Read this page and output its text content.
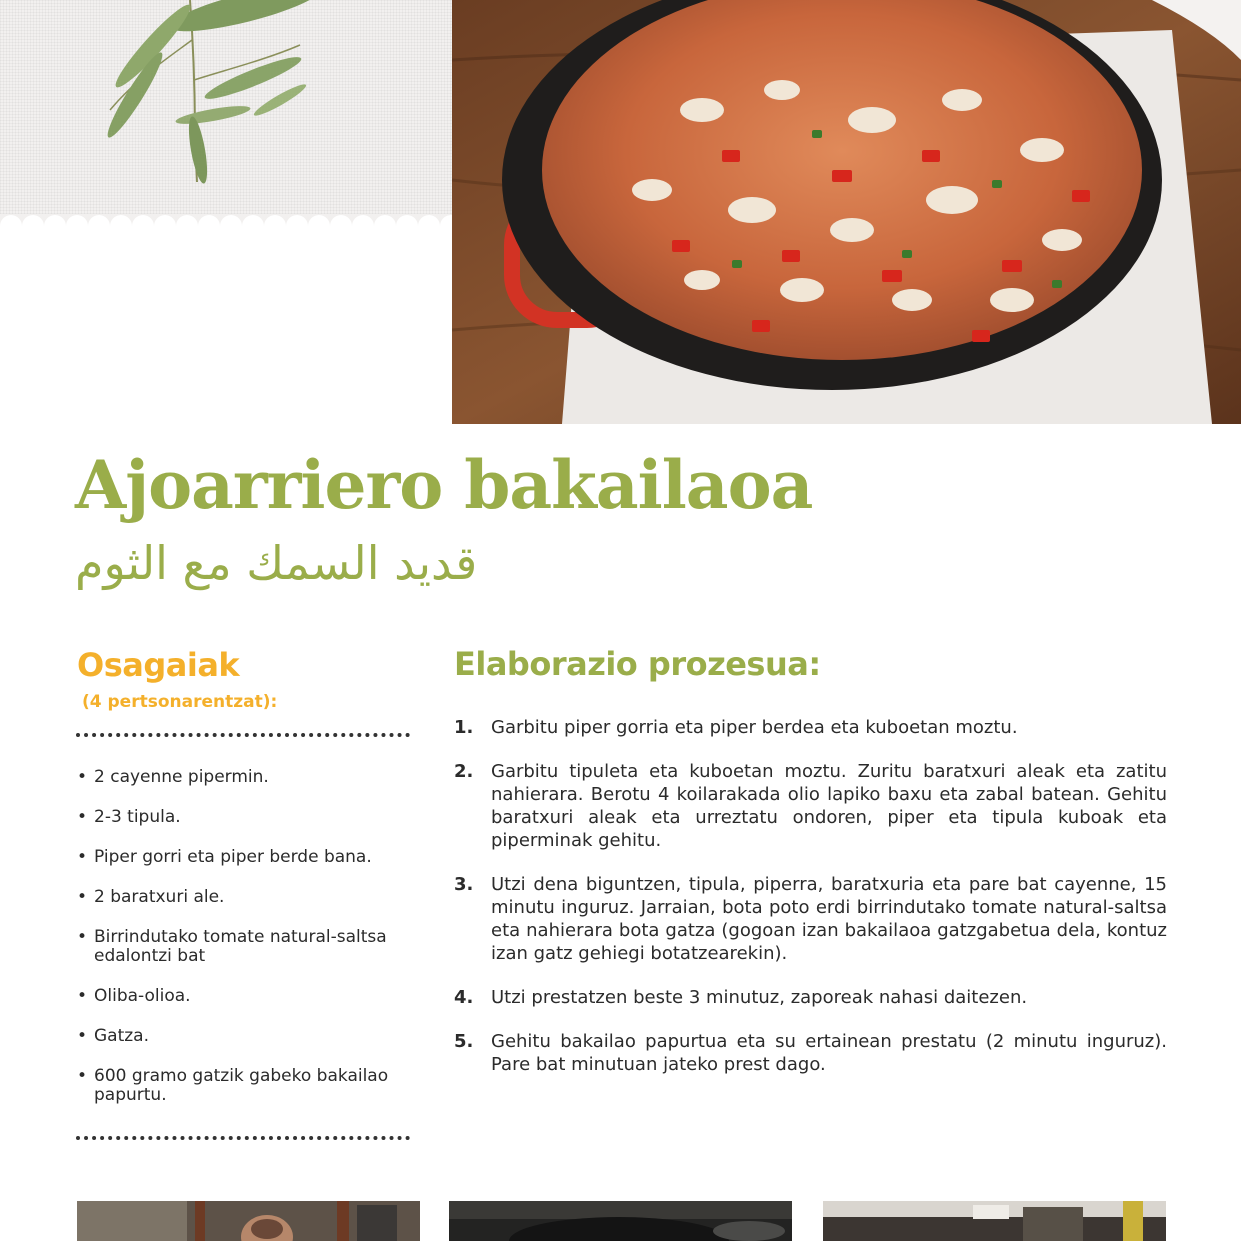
Ajoarriero bakailaoa
قديد السمك مع الثوم
Osagaiak
(4 pertsonarentzat):
• 2 cayenne pipermin.
• 2-3 tipula.
• Piper gorri eta piper berde bana.
• 2 baratxuri ale.
• Birrindutako tomate natural-saltsa edalontzi bat
• Oliba-olioa.
• Gatza.
• 600 gramo gatzik gabeko bakailao papurtu.
Elaborazio prozesua:
1. Garbitu piper gorria eta piper berdea eta kuboetan moztu.
2. Garbitu tipuleta eta kuboetan moztu. Zuritu baratxuri aleak eta zatitu nahierara. Berotu 4 koilarakada olio lapiko baxu eta zabal batean. Gehitu baratxuri aleak eta urreztatu ondoren, piper eta tipula kuboak eta piperminak gehitu.
3. Utzi dena biguntzen, tipula, piperra, baratxuria eta pare bat cayenne, 15 minutu inguruz. Jarraian, bota poto erdi birrindutako tomate natural-saltsa eta nahierara bota gatza (gogoan izan bakailaoa gatzgabetua dela, kontuz izan gatz gehiegi botatzearekin).
4. Utzi prestatzen beste 3 minutuz, zaporeak nahasi daitezen.
5. Gehitu bakailao papurtua eta su ertainean prestatu (2 minutu inguruz). Pare bat minutuan jateko prest dago.
